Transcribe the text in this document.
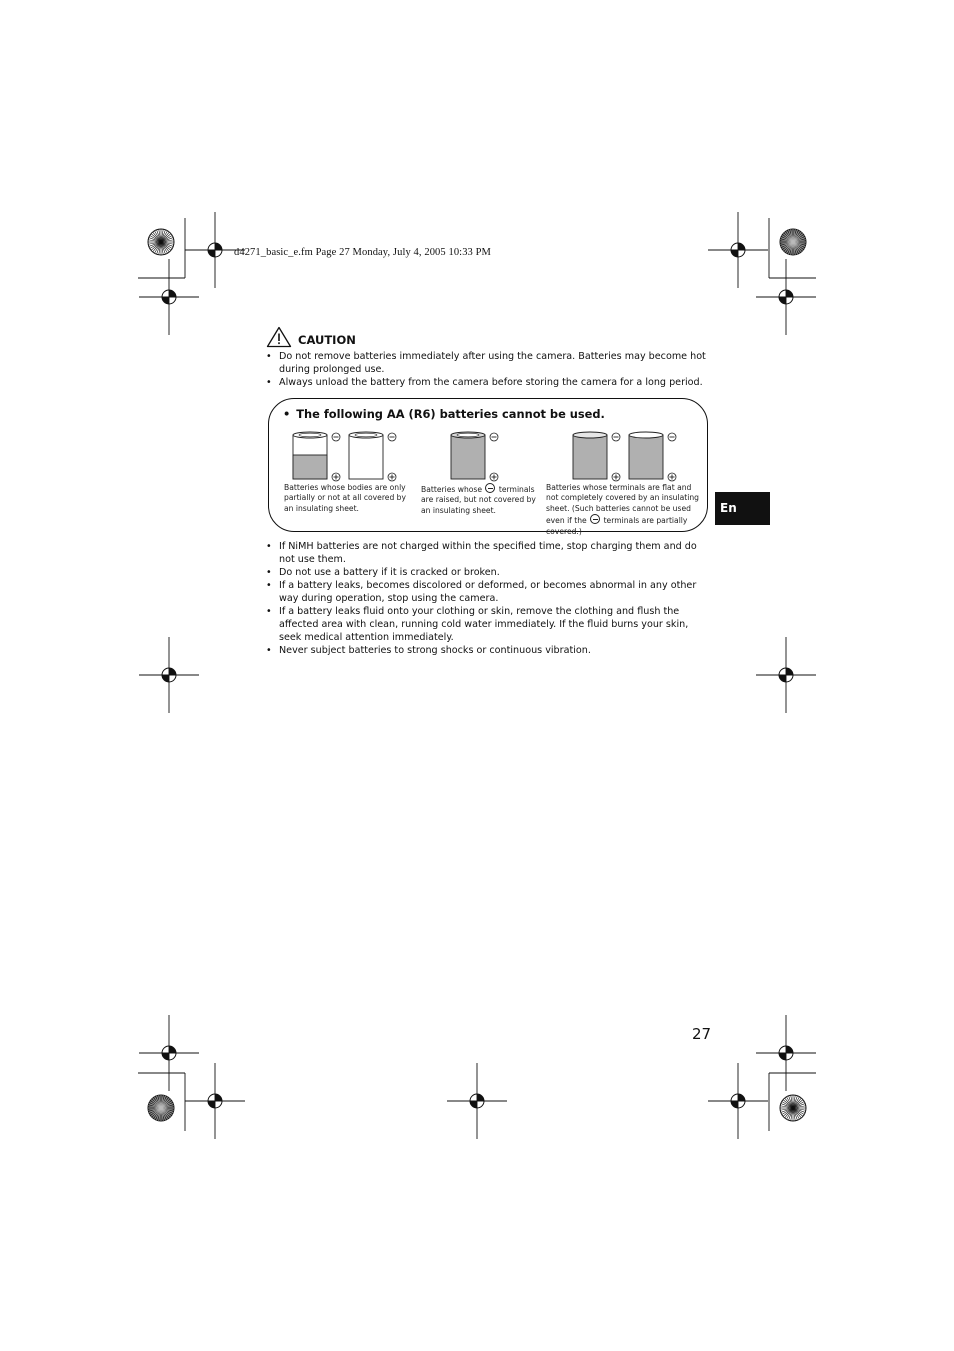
d4271_basic_e.fm Page 27 Monday, July 4, 2005 10:33 PM
CAUTION
• Do not remove batteries immediately after using the camera. Batteries may become hot during prolonged use.
• Always unload the battery from the camera before storing the camera for a long period.
• The following AA (R6) batteries cannot be used.
Batteries whose bodies are only partially or not at all covered by an insulating sheet.
Batteries whose terminals are raised, but not covered by an insulating sheet.
Batteries whose terminals are flat and not completely covered by an insulating sheet. (Such batteries cannot be used even if the terminals are partially covered.)
• If NiMH batteries are not charged within the specified time, stop charging them and do not use them.
• Do not use a battery if it is cracked or broken.
• If a battery leaks, becomes discolored or deformed, or becomes abnormal in any other way during operation, stop using the camera.
• If a battery leaks fluid onto your clothing or skin, remove the clothing and flush the affected area with clean, running cold water immediately. If the fluid burns your skin, seek medical attention immediately.
• Never subject batteries to strong shocks or continuous vibration.
En
27
